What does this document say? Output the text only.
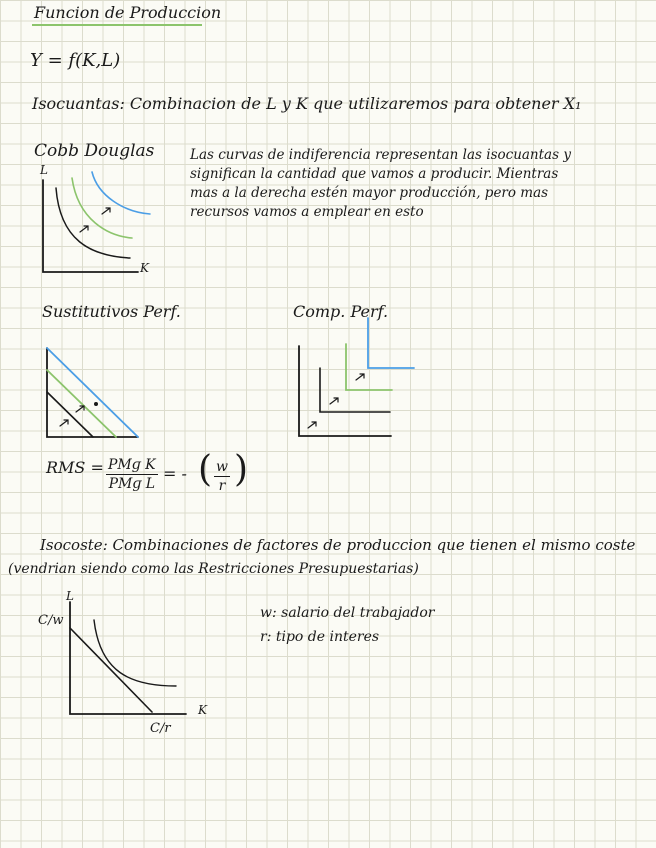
Funcion de Produccion
Y = f(K,L)
Isocuantas: Combinacion de L y K que utilizaremos para obtener X₁
Cobb Douglas	Las curvas de indiferencia representan las isocuantas y
significan la cantidad que vamos a producir. Mientras
mas a la derecha estén mayor producción, pero mas
recursos vamos a emplear en esto
L
K
Sustitutivos Perf.	Comp. Perf.
RMS = PMɡ K
PMɡ L
= - ( $\frac{w}{r}$ )
Isocoste: Combinaciones de factores de produccion que tienen el mismo coste
(vendrian siendo como las Restricciones Presupuestarias)
L
C/w
K
C/r
w: salario del trabajador
r: tipo de interes
